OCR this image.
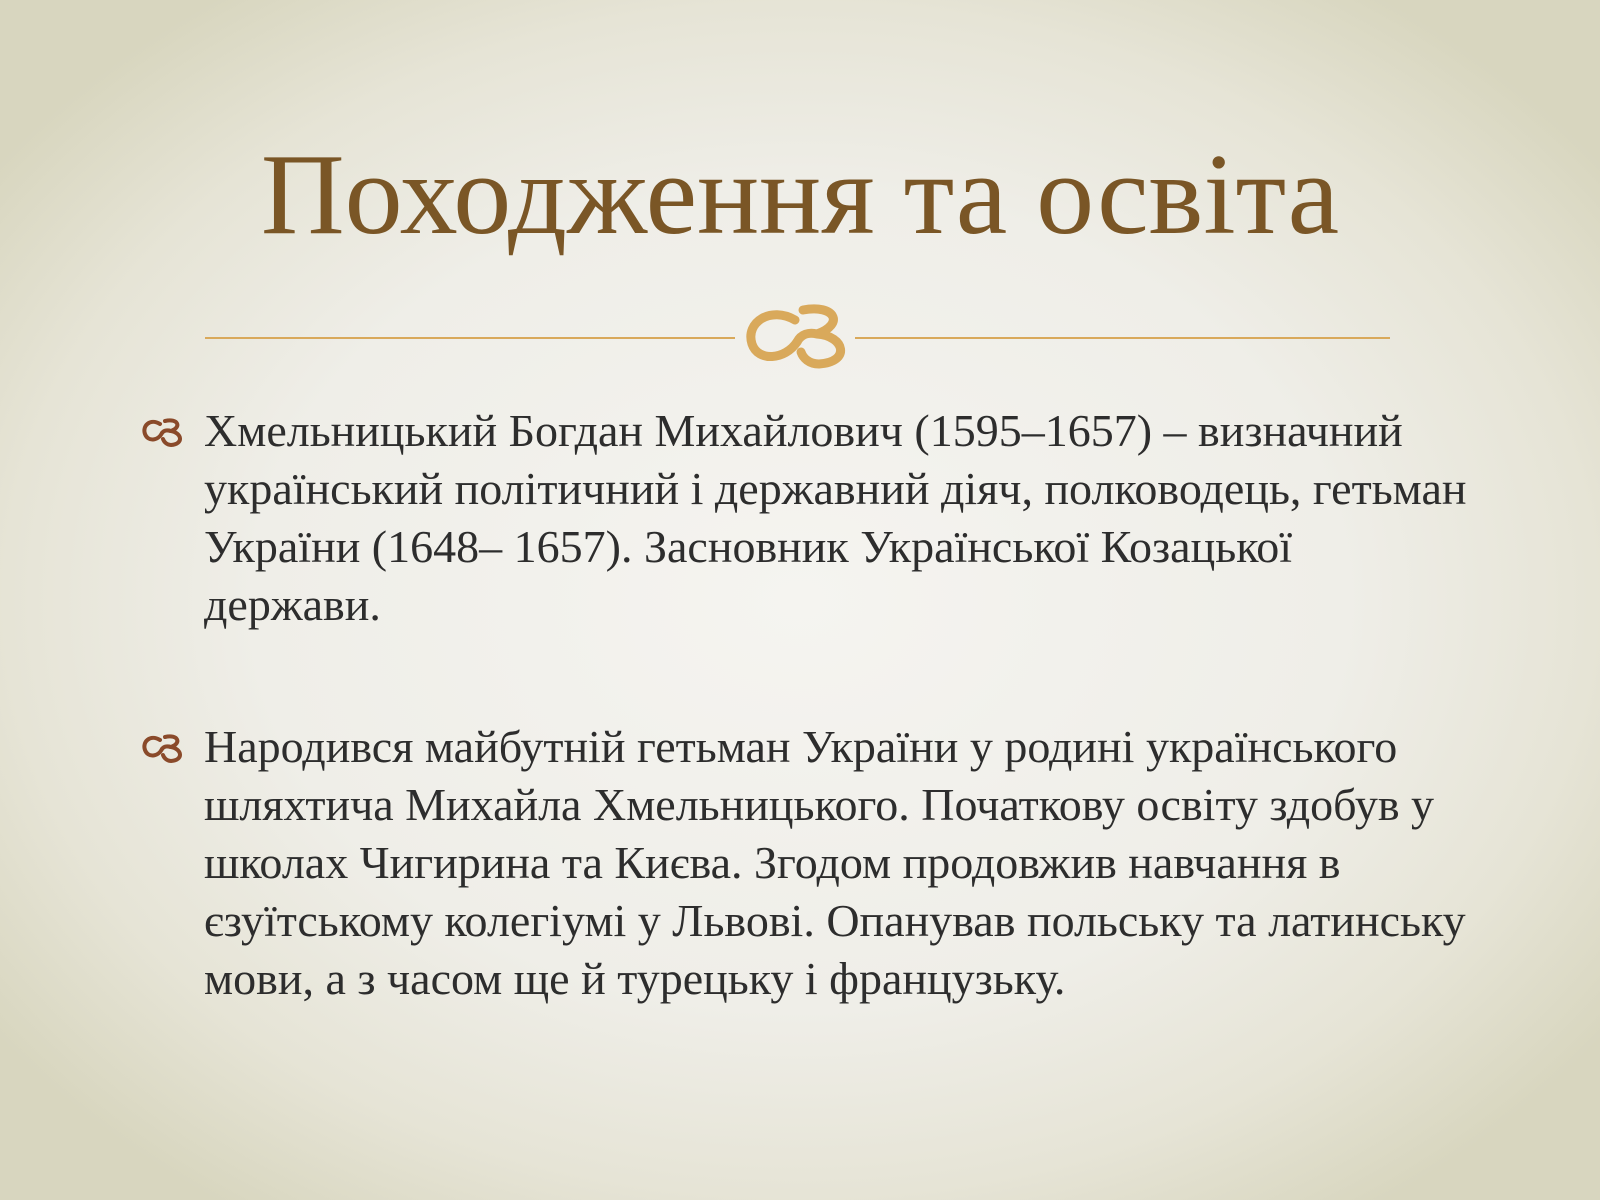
Походження та освіта

Хмельницький Богдан Михайлович (1595–1657) – визначний український політичний і державний діяч, полководець, гетьман України (1648– 1657). Засновник Української Козацької держави.

Народився майбутній гетьман України у родині українського шляхтича Михайла Хмельницького. Початкову освіту здобув у школах Чигирина та Києва. Згодом продовжив навчання в єзуїтському колегіумі у Львові. Опанував польську та латинську мови, а з часом ще й турецьку і французьку.
